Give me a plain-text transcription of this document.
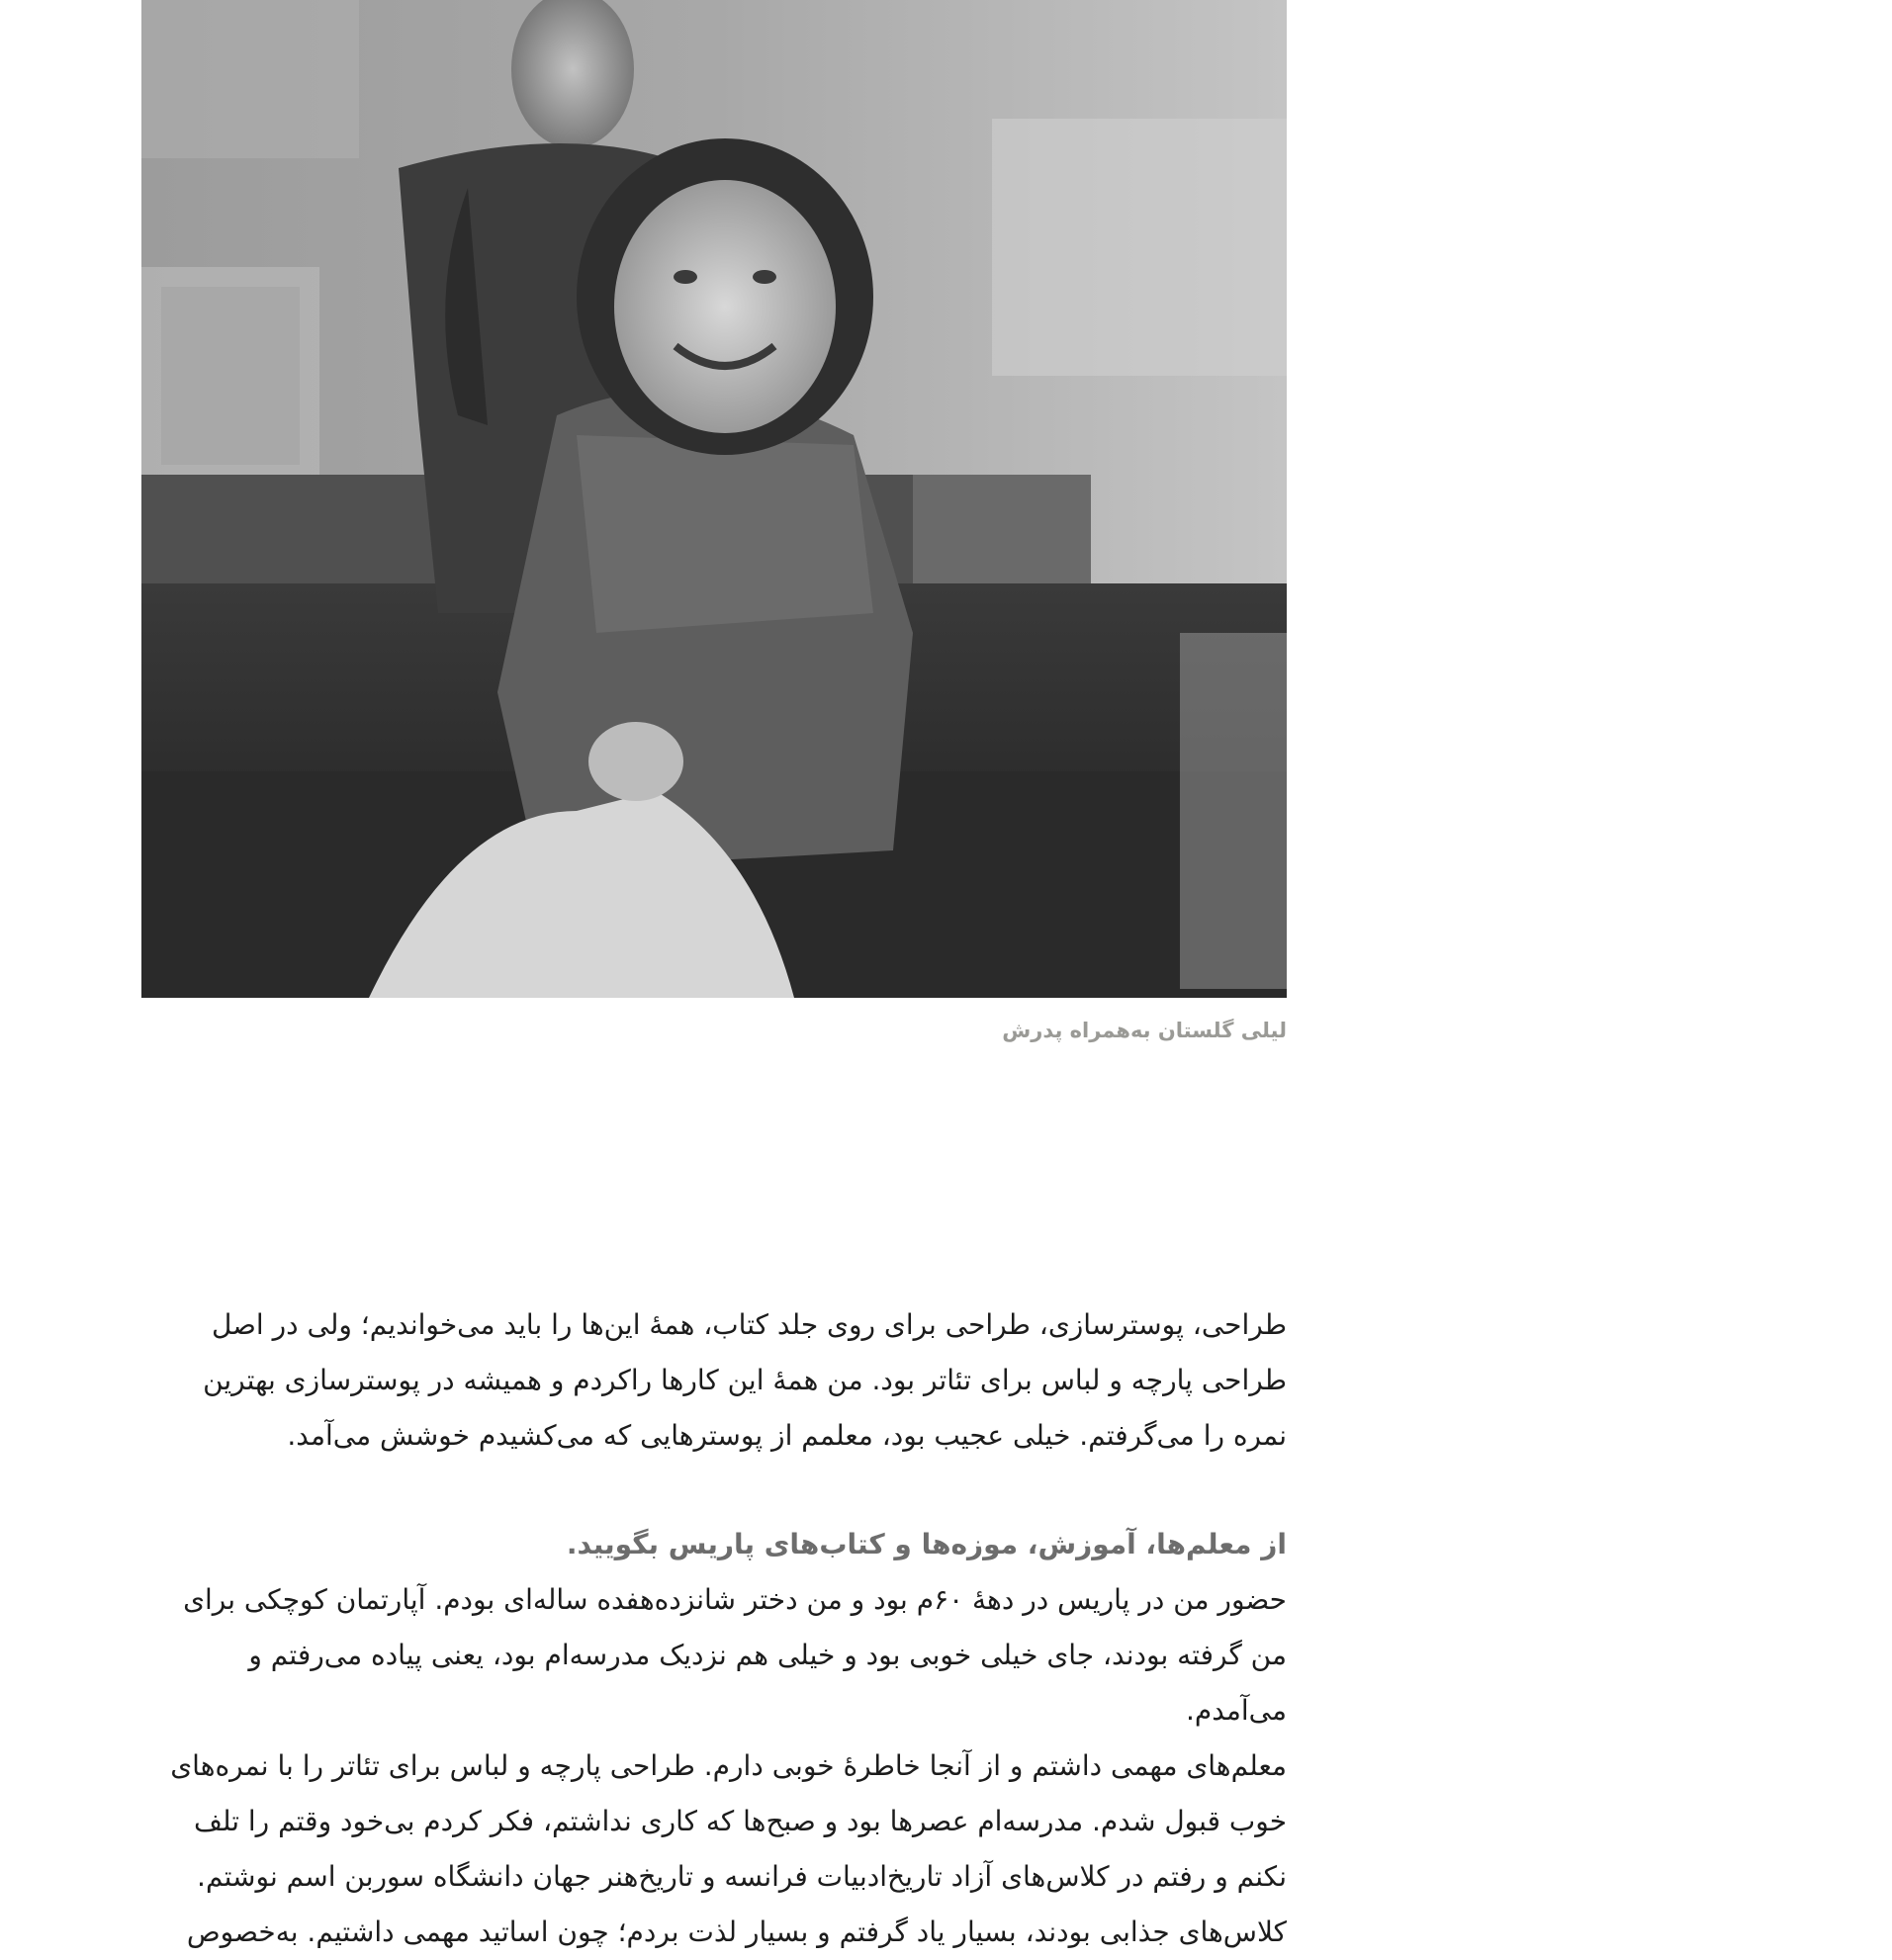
لیلی گلستان به‌همراه پدرش

طراحی، پوسترسازی، طراحی برای روی جلد کتاب، همهٔ این‌ها را باید می‌خواندیم؛ ولی در اصل طراحی پارچه و لباس برای تئاتر بود. من همهٔ این کارها راکردم و همیشه در پوسترسازی بهترین نمره را می‌گرفتم. خیلی عجیب بود، معلمم از پوسترهایی که می‌کشیدم خوشش می‌آمد.

از معلم‌ها، آموزش، موزه‌ها و کتاب‌های پاریس بگویید.

حضور من در پاریس در دههٔ ۶۰م بود و من دختر شانزده‌هفده ساله‌ای بودم. آپارتمان کوچکی برای من گرفته بودند، جای خیلی خوبی بود و خیلی هم نزدیک مدرسه‌ام بود، یعنی پیاده می‌رفتم و می‌آمدم.

معلم‌های مهمی داشتم و از آنجا خاطرهٔ خوبی دارم. طراحی پارچه و لباس برای تئاتر را با نمره‌های خوب قبول شدم. مدرسه‌ام عصرها بود و صبح‌ها که کاری نداشتم، فکر کردم بی‌خود وقتم را تلف نکنم و رفتم در کلاس‌های آزاد تاریخ‌ادبیات فرانسه و تاریخ‌هنر جهان دانشگاه سوربن اسم نوشتم. کلاس‌های جذابی بودند، بسیار یاد گرفتم و بسیار لذت بردم؛ چون اساتید مهمی داشتیم. به‌خصوص
